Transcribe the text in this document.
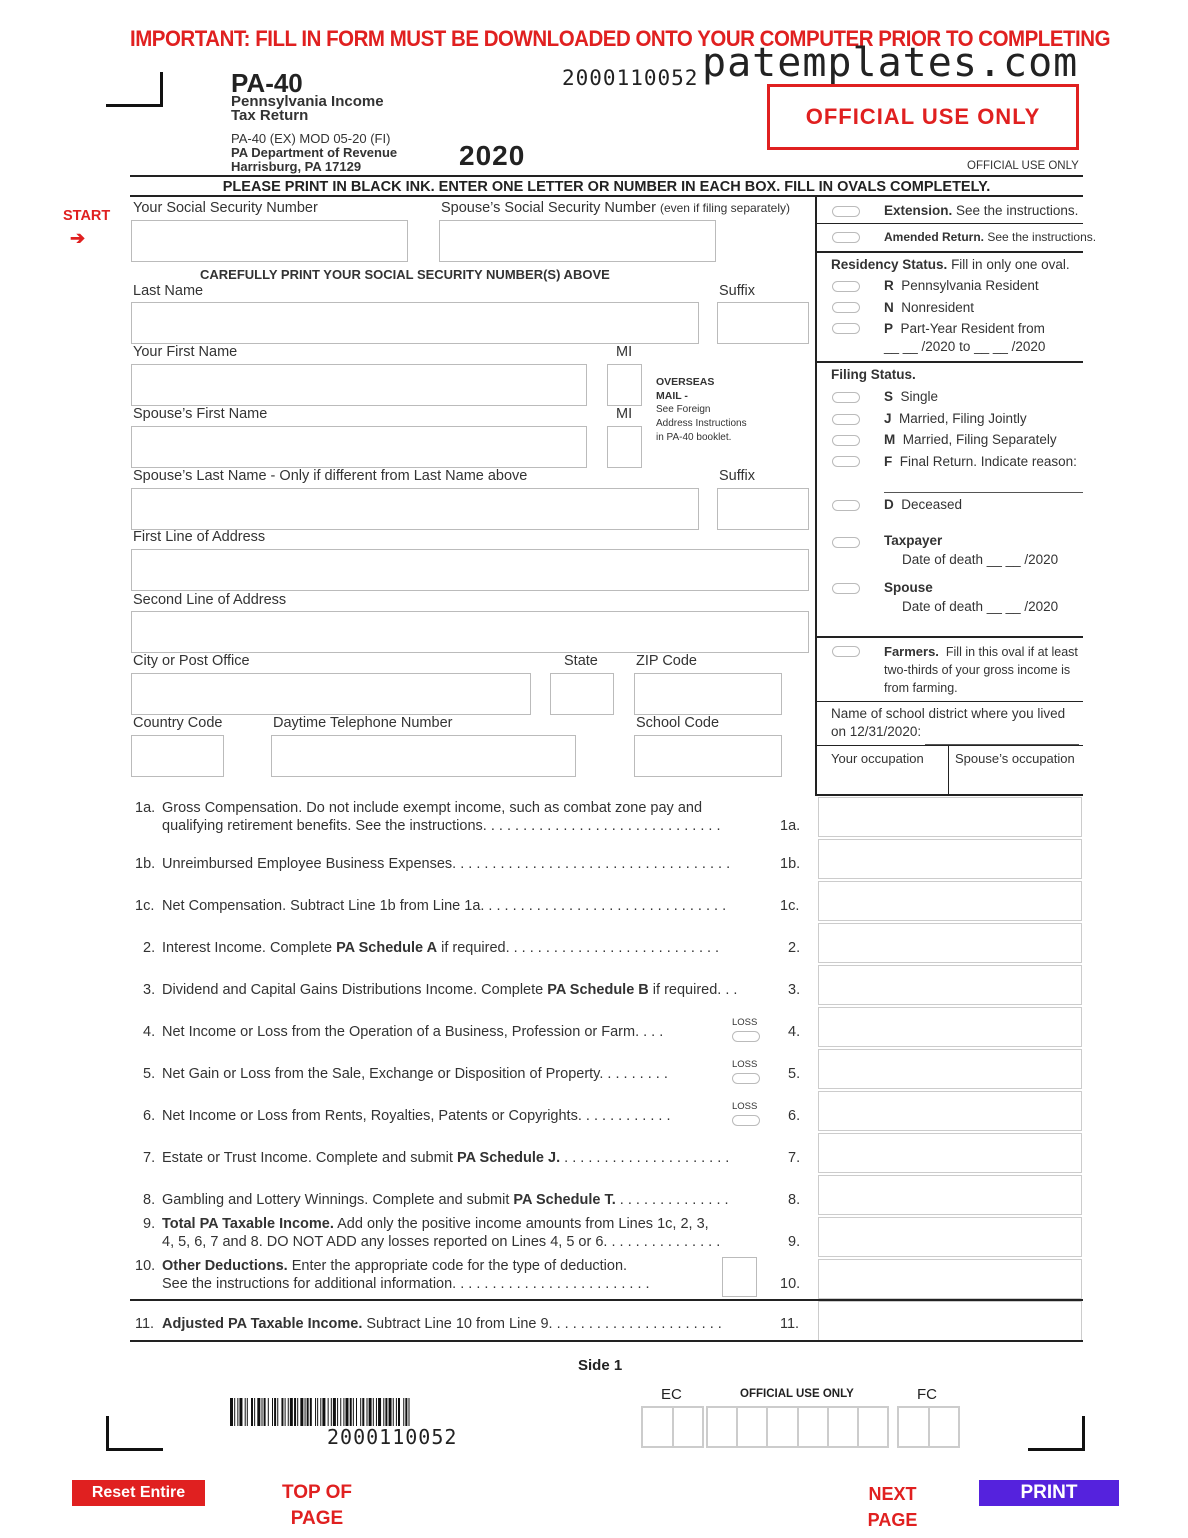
IMPORTANT: FILL IN FORM MUST BE DOWNLOADED ONTO YOUR COMPUTER PRIOR TO COMPLETING
PA-40
Pennsylvania Income
Tax Return
PA-40 (EX) MOD 05-20 (FI)
PA Department of Revenue
Harrisburg, PA 17129
2000110052 patemplates.com
OFFICIAL USE ONLY
2020	OFFICIAL USE ONLY
PLEASE PRINT IN BLACK INK. ENTER ONE LETTER OR NUMBER IN EACH BOX. FILL IN OVALS COMPLETELY.
START
➔
Your Social Security Number	Spouse’s Social Security Number (even if filing separately)
CAREFULLY PRINT YOUR SOCIAL SECURITY NUMBER(S) ABOVE
Last Name	Suffix
Your First Name	MI
OVERSEAS
MAIL -
See Foreign
Address Instructions
in PA-40 booklet.
Spouse’s First Name	MI
Spouse’s Last Name - Only if different from Last Name above	Suffix
First Line of Address
Second Line of Address
City or Post Office	State	ZIP Code
Country Code	Daytime Telephone Number	School Code
Extension. See the instructions.
Amended Return. See the instructions.
Residency Status. Fill in only one oval.
R Pennsylvania Resident
N Nonresident
P Part-Year Resident from
__ __ /2020 to __ __ /2020
Filing Status.
S Single
J Married, Filing Jointly
M Married, Filing Separately
F Final Return. Indicate reason:
D Deceased
Taxpayer
Date of death __ __ /2020
Spouse
Date of death __ __ /2020
Farmers. Fill in this oval if at least
two-thirds of your gross income is
from farming.
Name of school district where you lived
on 12/31/2020:
Your occupation Spouse’s occupation
1a. Gross Compensation. Do not include exempt income, such as combat zone pay and
qualifying retirement benefits. See the instructions. . . . . . . . . . . . . . . . . . . . . . . . . . . . . .	1a.
1b. Unreimbursed Employee Business Expenses. . . . . . . . . . . . . . . . . . . . . . . . . . . . . . . . . . .	1b.
1c. Net Compensation. Subtract Line 1b from Line 1a. . . . . . . . . . . . . . . . . . . . . . . . . . . . . . .	1c.
2. Interest Income. Complete PA Schedule A if required. . . . . . . . . . . . . . . . . . . . . . . . . . .	2.
3. Dividend and Capital Gains Distributions Income. Complete PA Schedule B if required. . .	3.
4. Net Income or Loss from the Operation of a Business, Profession or Farm. . . .
LOSS
4.
5. Net Gain or Loss from the Sale, Exchange or Disposition of Property. . . . . . . . .
LOSS
5.
6. Net Income or Loss from Rents, Royalties, Patents or Copyrights. . . . . . . . . . . .
LOSS
6.
7. Estate or Trust Income. Complete and submit PA Schedule J. . . . . . . . . . . . . . . . . . . . . .	7.
8. Gambling and Lottery Winnings. Complete and submit PA Schedule T. . . . . . . . . . . . . . .	8.
9. Total PA Taxable Income. Add only the positive income amounts from Lines 1c, 2, 3,
4, 5, 6, 7 and 8. DO NOT ADD any losses reported on Lines 4, 5 or 6. . . . . . . . . . . . . . .	9.
10. Other Deductions. Enter the appropriate code for the type of deduction.
See the instructions for additional information. . . . . . . . . . . . . . . . . . . . . . . . .	10.
11. Adjusted PA Taxable Income. Subtract Line 10 from Line 9. . . . . . . . . . . . . . . . . . . . . .	11.
Side 1
2000110052
EC	OFFICIAL USE ONLY	FC
Reset Entire Form
TOP OF PAGE
NEXT PAGE
PRINT
